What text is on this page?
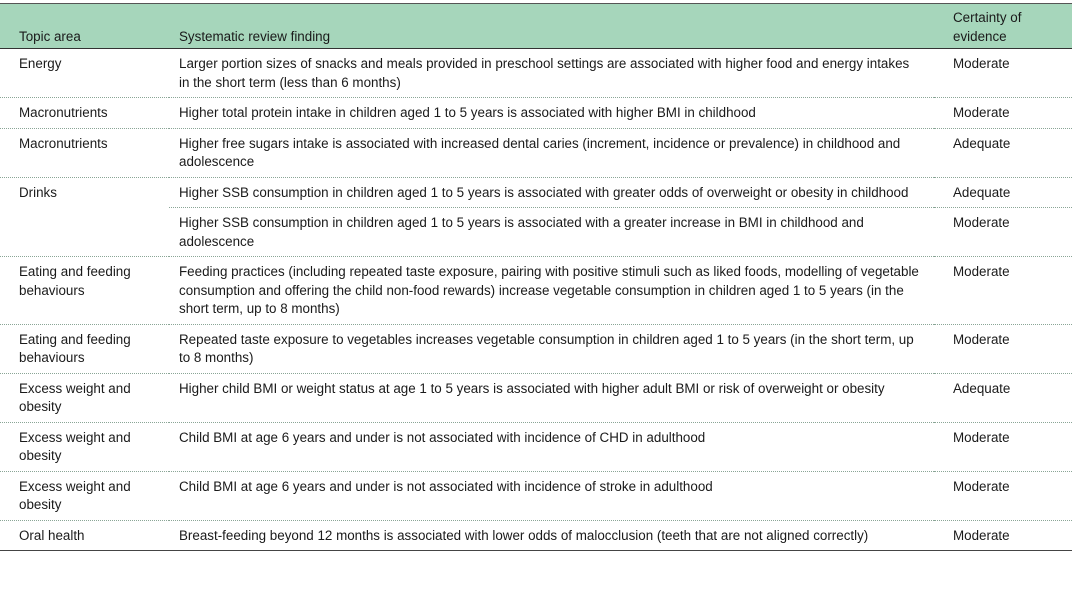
Topic area	Systematic review finding	Certainty of
evidence
Energy	Larger portion sizes of snacks and meals provided in preschool settings are associated with higher food and energy intakes in the short term (less than 6 months)	Moderate
Macronutrients	Higher total protein intake in children aged 1 to 5 years is associated with higher BMI in childhood	Moderate
Macronutrients	Higher free sugars intake is associated with increased dental caries (increment, incidence or prevalence) in childhood and adolescence	Adequate
Drinks	Higher SSB consumption in children aged 1 to 5 years is associated with greater odds of overweight or obesity in childhood	Adequate
	Higher SSB consumption in children aged 1 to 5 years is associated with a greater increase in BMI in childhood and adolescence	Moderate
Eating and feeding
behaviours	Feeding practices (including repeated taste exposure, pairing with positive stimuli such as liked foods, modelling of vegetable consumption and offering the child non-food rewards) increase vegetable consumption in children aged 1 to 5 years (in the short term, up to 8 months)	Moderate
Eating and feeding
behaviours	Repeated taste exposure to vegetables increases vegetable consumption in children aged 1 to 5 years (in the short term, up to 8 months)	Moderate
Excess weight and
obesity	Higher child BMI or weight status at age 1 to 5 years is associated with higher adult BMI or risk of overweight or obesity	Adequate
Excess weight and
obesity	Child BMI at age 6 years and under is not associated with incidence of CHD in adulthood	Moderate
Excess weight and
obesity	Child BMI at age 6 years and under is not associated with incidence of stroke in adulthood	Moderate
Oral health	Breast-feeding beyond 12 months is associated with lower odds of malocclusion (teeth that are not aligned correctly)	Moderate
